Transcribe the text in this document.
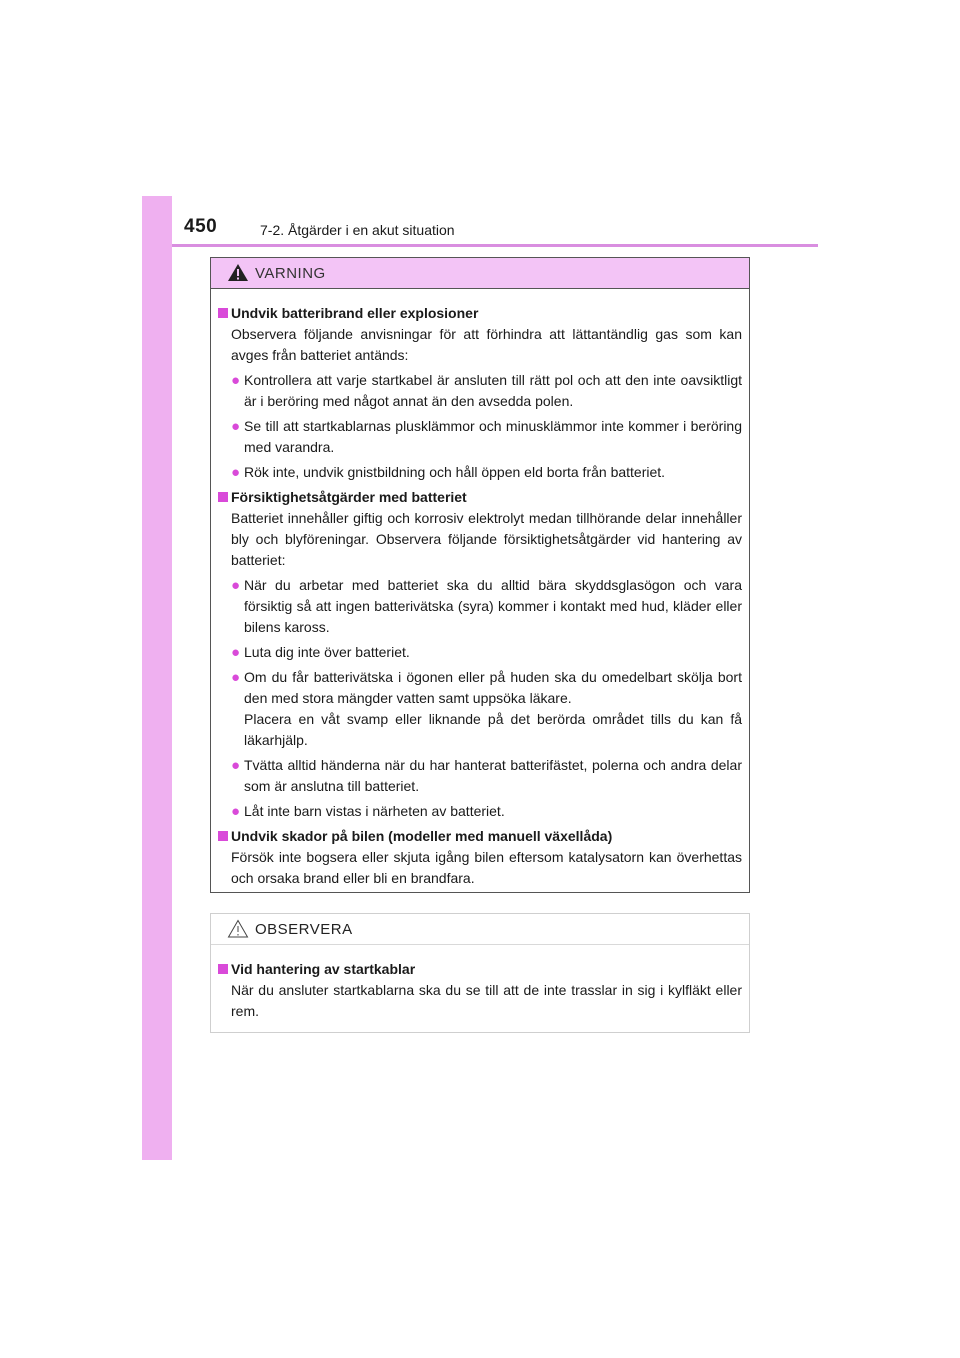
450	7-2. Åtgärder i en akut situation
VARNING
Undvik batteribrand eller explosioner
Observera följande anvisningar för att förhindra att lättantändlig gas som kan avges från batteriet antänds:
● Kontrollera att varje startkabel är ansluten till rätt pol och att den inte oavsiktligt är i beröring med något annat än den avsedda polen.
● Se till att startkablarnas plusklämmor och minusklämmor inte kommer i beröring med varandra.
● Rök inte, undvik gnistbildning och håll öppen eld borta från batteriet.
Försiktighetsåtgärder med batteriet
Batteriet innehåller giftig och korrosiv elektrolyt medan tillhörande delar innehåller bly och blyföreningar. Observera följande försiktighetsåtgärder vid hantering av batteriet:
● När du arbetar med batteriet ska du alltid bära skyddsglasögon och vara försiktig så att ingen batterivätska (syra) kommer i kontakt med hud, kläder eller bilens kaross.
● Luta dig inte över batteriet.
● Om du får batterivätska i ögonen eller på huden ska du omedelbart skölja bort den med stora mängder vatten samt uppsöka läkare.
Placera en våt svamp eller liknande på det berörda området tills du kan få läkarhjälp.
● Tvätta alltid händerna när du har hanterat batterifästet, polerna och andra delar som är anslutna till batteriet.
● Låt inte barn vistas i närheten av batteriet.
Undvik skador på bilen (modeller med manuell växellåda)
Försök inte bogsera eller skjuta igång bilen eftersom katalysatorn kan överhettas och orsaka brand eller bli en brandfara.
OBSERVERA
Vid hantering av startkablar
När du ansluter startkablarna ska du se till att de inte trasslar in sig i kylfläkt eller rem.
